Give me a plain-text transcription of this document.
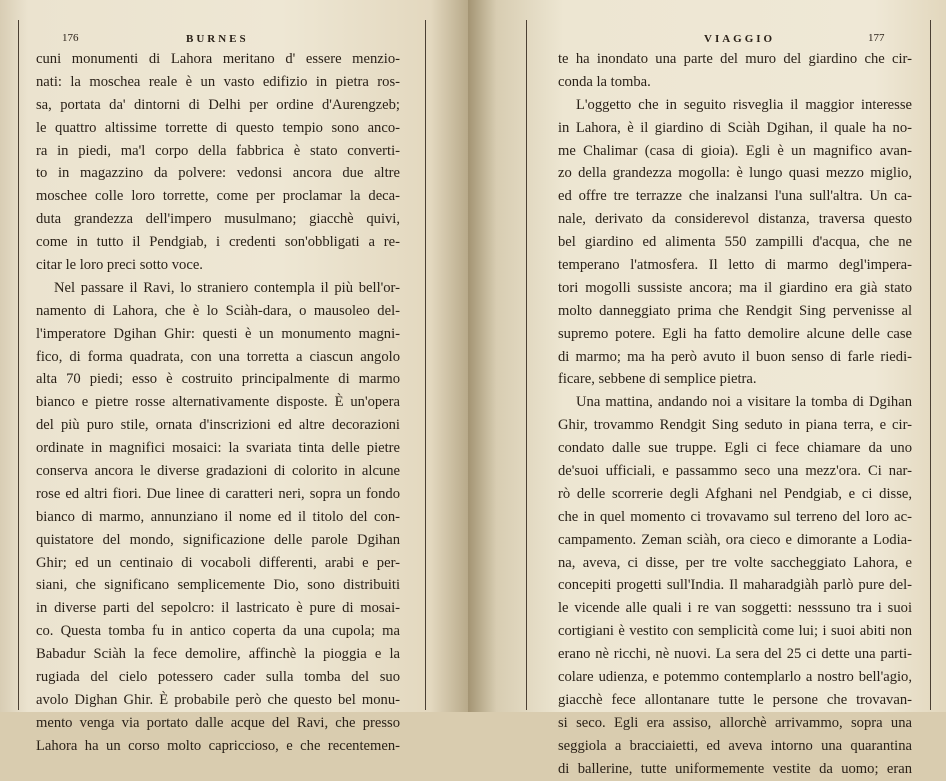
176	BURNES
cuni monumenti di Lahora meritano d' essere menzio-
nati: la moschea reale è un vasto edifizio in pietra ros-
sa, portata da' dintorni di Delhi per ordine d'Aurengzeb;
le quattro altissime torrette di questo tempio sono anco-
ra in piedi, ma'l corpo della fabbrica è stato converti-
to in magazzino da polvere: vedonsi ancora due altre
moschee colle loro torrette, come per proclamar la deca-
duta grandezza dell'impero musulmano; giacchè quivi,
come in tutto il Pendgiab, i credenti son'obbligati a re-
citar le loro preci sotto voce.
Nel passare il Ravi, lo straniero contempla il più bell'or-
namento di Lahora, che è lo Sciàh-dara, o mausoleo del-
l'imperatore Dgihan Ghir: questi è un monumento magni-
fico, di forma quadrata, con una torretta a ciascun angolo
alta 70 piedi; esso è costruito principalmente di marmo
bianco e pietre rosse alternativamente disposte. È un'opera
del più puro stile, ornata d'inscrizioni ed altre decorazioni
ordinate in magnifici mosaici: la svariata tinta delle pietre
conserva ancora le diverse gradazioni di colorito in alcune
rose ed altri fiori. Due linee di caratteri neri, sopra un fondo
bianco di marmo, annunziano il nome ed il titolo del con-
quistatore del mondo, significazione delle parole Dgihan
Ghir; ed un centinaio di vocaboli differenti, arabi e per-
siani, che significano semplicemente Dio, sono distribuiti
in diverse parti del sepolcro: il lastricato è pure di mosai-
co. Questa tomba fu in antico coperta da una cupola; ma
Babadur Sciàh la fece demolire, affinchè la pioggia e la
rugiada del cielo potessero cader sulla tomba del suo
avolo Dighan Ghir. È probabile però che questo bel monu-
mento venga via portato dalle acque del Ravi, che presso
Lahora ha un corso molto capriccioso, e che recentemen-
VIAGGIO	177
te ha inondato una parte del muro del giardino che cir-
conda la tomba.
L'oggetto che in seguito risveglia il maggior interesse
in Lahora, è il giardino di Sciàh Dgihan, il quale ha no-
me Chalimar (casa di gioia). Egli è un magnifico avan-
zo della grandezza mogolla: è lungo quasi mezzo miglio,
ed offre tre terrazze che inalzansi l'una sull'altra. Un ca-
nale, derivato da considerevol distanza, traversa questo
bel giardino ed alimenta 550 zampilli d'acqua, che ne
temperano l'atmosfera. Il letto di marmo degl'impera-
tori mogolli sussiste ancora; ma il giardino era già stato
molto danneggiato prima che Rendgit Sing pervenisse al
supremo potere. Egli ha fatto demolire alcune delle case
di marmo; ma ha però avuto il buon senso di farle riedi-
ficare, sebbene di semplice pietra.
Una mattina, andando noi a visitare la tomba di Dgihan
Ghir, trovammo Rendgit Sing seduto in piana terra, e cir-
condato dalle sue truppe. Egli ci fece chiamare da uno
de'suoi ufficiali, e passammo seco una mezz'ora. Ci nar-
rò delle scorrerie degli Afghani nel Pendgiab, e ci disse,
che in quel momento ci trovavamo sul terreno del loro ac-
campamento. Zeman sciàh, ora cieco e dimorante a Lodia-
na, aveva, ci disse, per tre volte saccheggiato Lahora, e
concepiti progetti sull'India. Il maharadgiàh parlò pure del-
le vicende alle quali i re van soggetti: nesssuno tra i suoi
cortigiani è vestito con semplicità come lui; i suoi abiti non
erano nè ricchi, nè nuovi. La sera del 25 ci dette una parti-
colare udienza, e potemmo contemplarlo a nostro bell'agio,
giacchè fece allontanare tutte le persone che trovavan-
si seco. Egli era assiso, allorchè arrivammo, sopra una
seggiola a bracciaietti, ed aveva intorno una quarantina
di ballerine, tutte uniformemente vestite da uomo; eran
